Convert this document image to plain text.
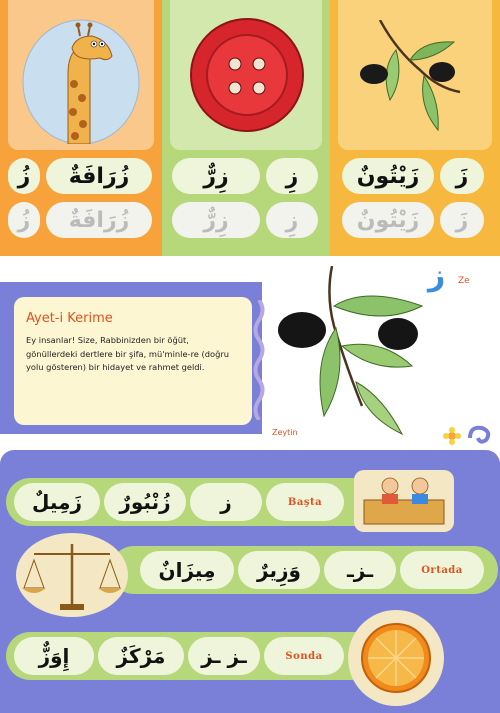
زُ	زُرَافَةٌ
زُ	زُرَافَةٌ
زِرٌّ	زِ
زِرٌّ	زِ
زَيْتُونٌ	زَ
زَيْتُونٌ	زَ
Ayet-i Kerime
Ey insanlar! Size, Rabbinizden bir öğüt, gönüllerdeki dertlere bir şifa, mü'minle-re (doğru yolu gösteren) bir hidayet ve rahmet geldi.
ز Ze
Zeytin
زَمِيلٌ	زُنْبُورٌ	ز	Başta
مِيزَانٌ	وَزِيرٌ	ـزـ	Ortada
إِوَزٌّ	مَرْكَزٌ	ـز ـز	Sonda
